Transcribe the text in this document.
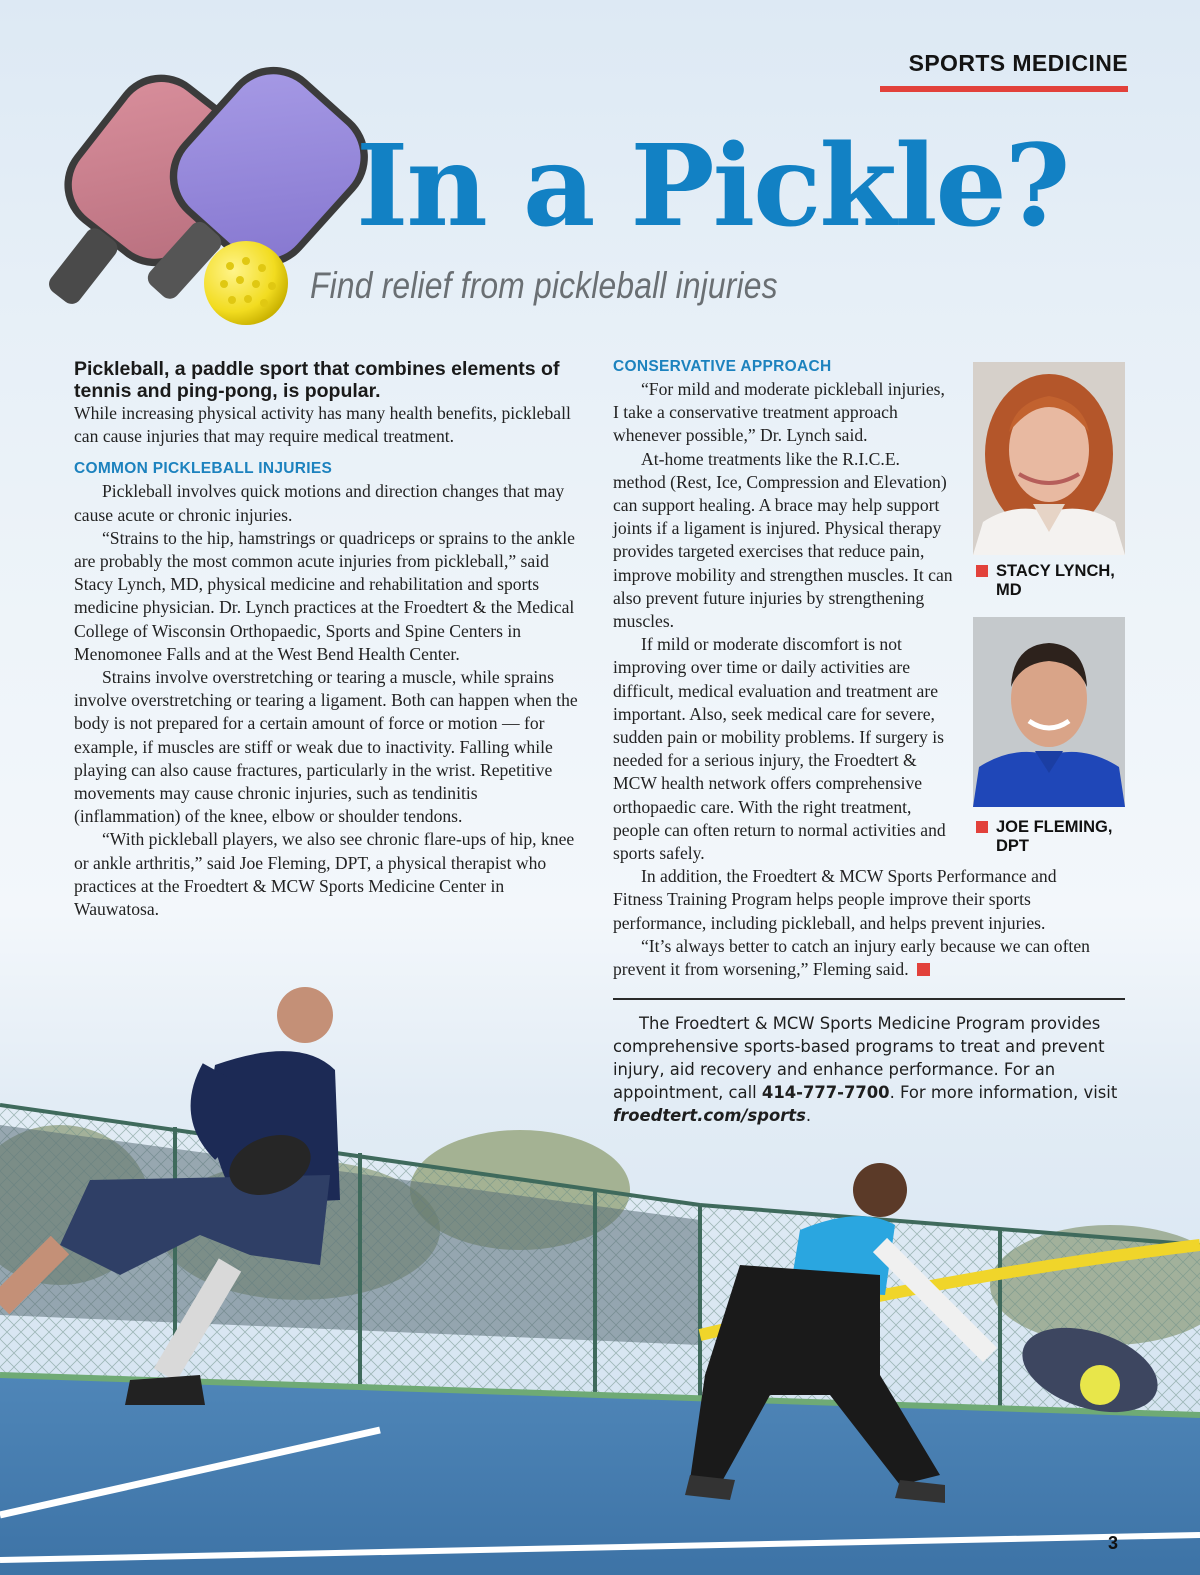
SPORTS MEDICINE
In a Pickle?
Find relief from pickleball injuries
Pickleball, a paddle sport that combines elements of tennis and ping-pong, is popular.
While increasing physical activity has many health benefits, pickleball can cause injuries that may require medical treatment.
COMMON PICKLEBALL INJURIES

Pickleball involves quick motions and direction changes that may cause acute or chronic injuries.

“Strains to the hip, hamstrings or quadriceps or sprains to the ankle are probably the most common acute injuries from pickleball,” said Stacy Lynch, MD, physical medicine and rehabilitation and sports medicine physician. Dr. Lynch practices at the Froedtert & the Medical College of Wisconsin Orthopaedic, Sports and Spine Centers in Menomonee Falls and at the West Bend Health Center.

Strains involve overstretching or tearing a muscle, while sprains involve overstretching or tearing a ligament. Both can happen when the body is not prepared for a certain amount of force or motion — for example, if muscles are stiff or weak due to inactivity. Falling while playing can also cause fractures, particularly in the wrist. Repetitive movements may cause chronic injuries, such as tendinitis (inflammation) of the knee, elbow or shoulder tendons.

“With pickleball players, we also see chronic flare-ups of hip, knee or ankle arthritis,” said Joe Fleming, DPT, a physical therapist who practices at the Froedtert & MCW Sports Medicine Center in Wauwatosa.

CONSERVATIVE APPROACH

“For mild and moderate pickleball injuries, I take a conservative treatment approach whenever possible,” Dr. Lynch said.

At-home treatments like the R.I.C.E. method (Rest, Ice, Compression and Elevation) can support healing. A brace may help support joints if a ligament is injured. Physical therapy provides targeted exercises that reduce pain, improve mobility and strengthen muscles. It can also prevent future injuries by strengthening muscles.

If mild or moderate discomfort is not improving over time or daily activities are difficult, medical evaluation and treatment are important. Also, seek medical care for severe, sudden pain or mobility problems. If surgery is needed for a serious injury, the Froedtert & MCW health network offers comprehensive orthopaedic care. With the right treatment, people can often return to normal activities and sports safely.

In addition, the Froedtert & MCW Sports Performance and Fitness Training Program helps people improve their sports performance, including pickleball, and helps prevent injuries.

“It’s always better to catch an injury early because we can often prevent it from worsening,” Fleming said.

STACY LYNCH, MD
JOE FLEMING, DPT

The Froedtert & MCW Sports Medicine Program provides comprehensive sports-based programs to treat and prevent injury, aid recovery and enhance performance. For an appointment, call 414-777-7700. For more information, visit froedtert.com/sports.

3
